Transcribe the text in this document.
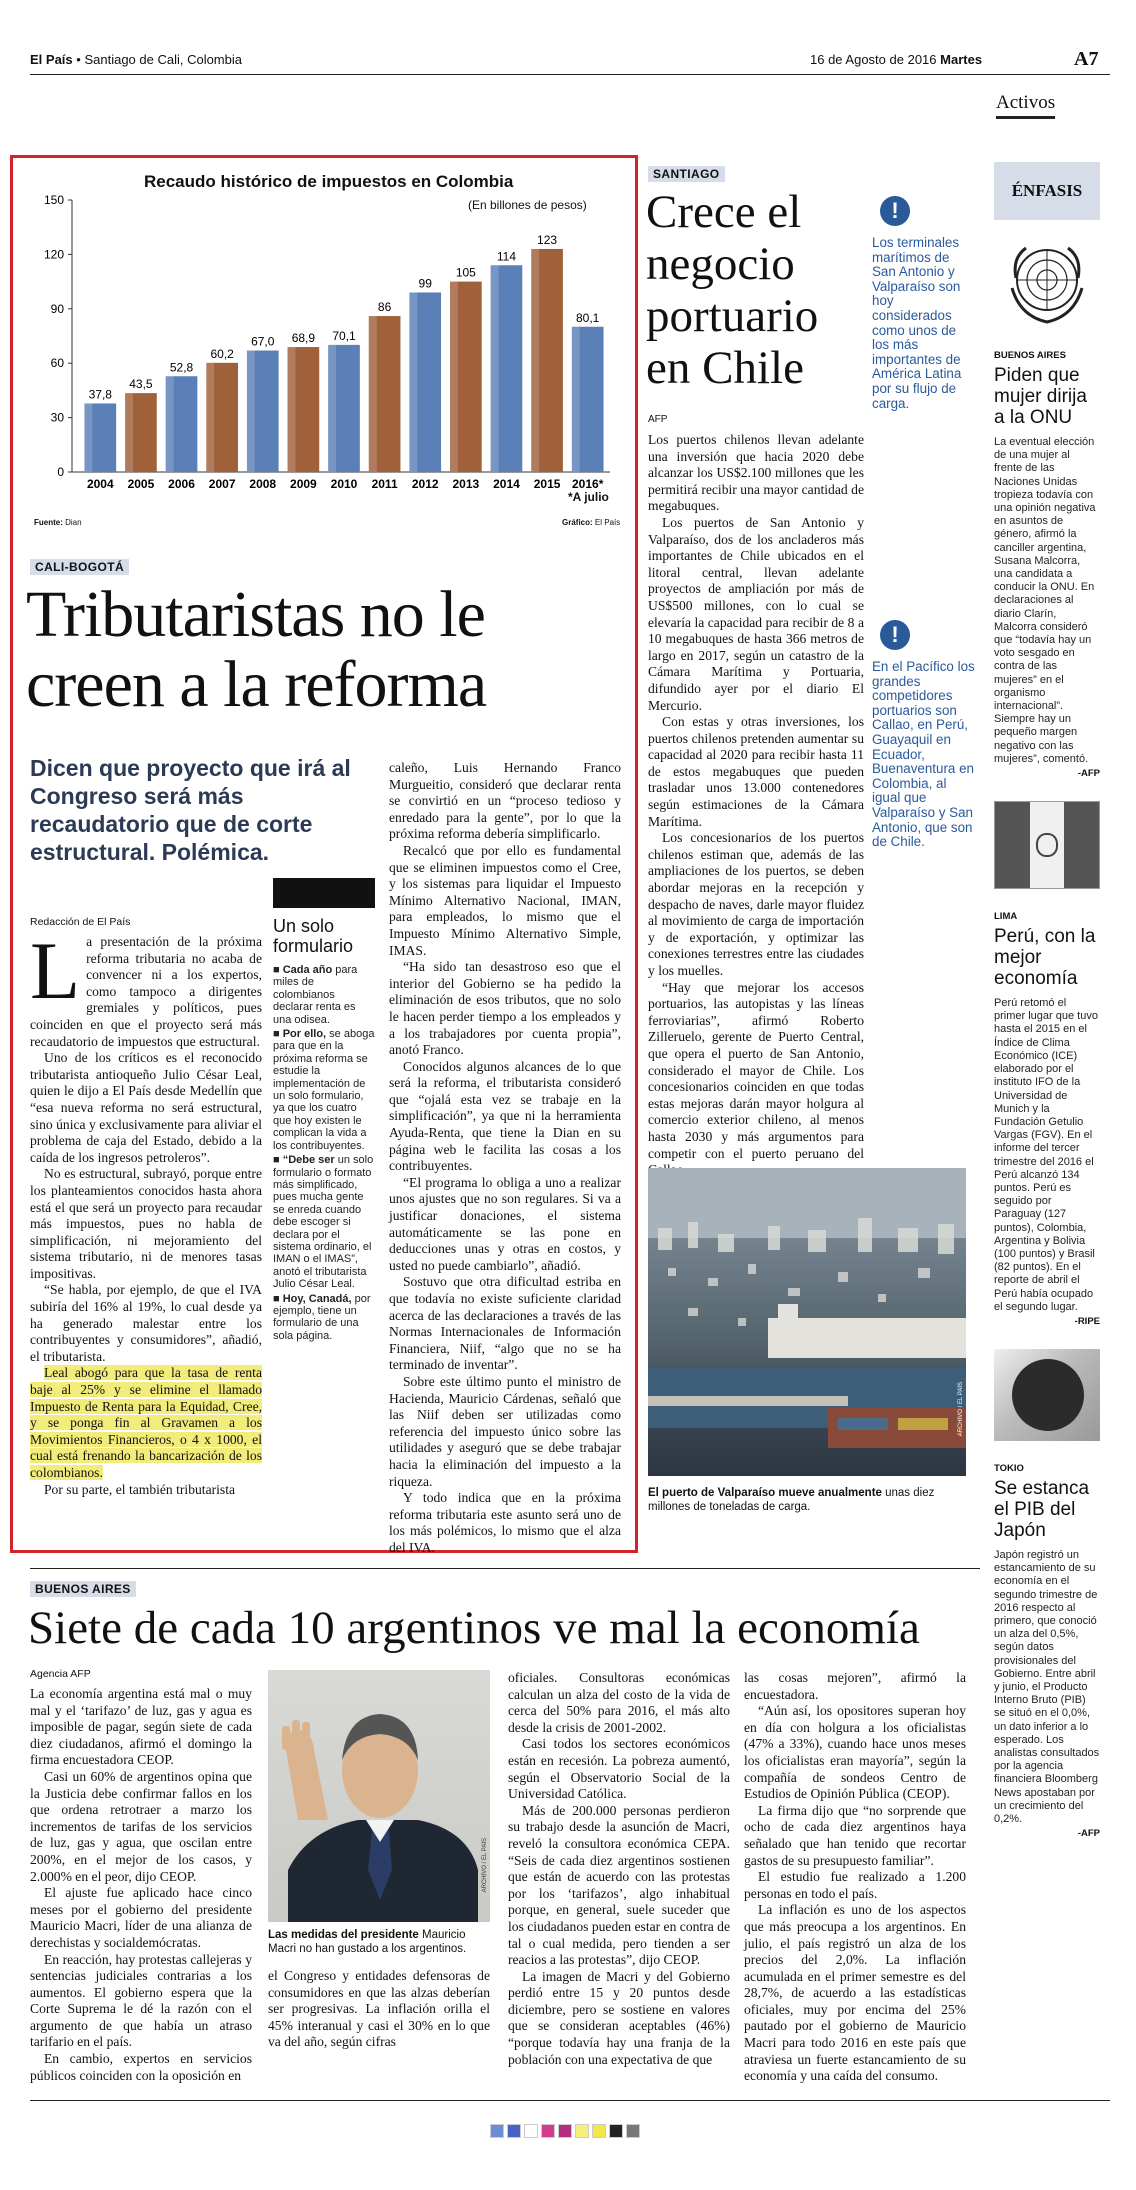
El País • Santiago de Cali, Colombia	16 de Agosto de 2016 Martes	A7
Activos
Recaudo histórico de impuestos en Colombia
(En billones de pesos)
0
30
60
90
120
150
37,8
2004
43,5
2005
52,8
2006
60,2
2007
67,0
2008
68,9
2009
70,1
2010
86
2011
99
2012
105
2013
114
2014
123
2015
80,1
2016*
*A julio
Fuente: Dian	Gráfico: El País
CALI-BOGOTÁ
Tributaristas no le
creen a la reforma
Dicen que proyecto que irá al Congreso será más recaudatorio que de corte estructural. Polémica.
Redacción de El País
L a presentación de la próxima reforma tributaria no acaba de convencer ni a los expertos, como tampoco a dirigentes gremiales y políticos, pues coinciden en que el proyecto será más recaudatorio de impuestos que estructural.

Uno de los críticos es el reconocido tributarista antioqueño Julio César Leal, quien le dijo a El País desde Medellín que “esa nueva reforma no será estructural, sino única y exclusivamente para aliviar el problema de caja del Estado, debido a la caída de los ingresos petroleros”.

No es estructural, subrayó, porque entre los planteamientos conocidos hasta ahora está el que será un proyecto para recaudar más impuestos, pues no habla de simplificación, ni mejoramiento del sistema tributario, ni de menores tasas impositivas.

“Se habla, por ejemplo, de que el IVA subiría del 16% al 19%, lo cual desde ya ha generado malestar entre los contribuyentes y consumidores”, añadió, el tributarista.

Leal abogó para que la tasa de renta baje al 25% y se elimine el llamado Impuesto de Renta para la Equidad, Cree, y se ponga fin al Gravamen a los Movimientos Financieros, o 4 x 1000, el cual está frenando la bancarización de los colombianos.

Por su parte, el también tributarista

Un solo formulario

■ Cada año para miles de colombianos declarar renta es una odisea.

■ Por ello, se aboga para que en la próxima reforma se estudie la implementación de un solo formulario, ya que los cuatro que hoy existen le complican la vida a los contribuyentes.

■ “Debe ser un solo formulario o formato más simplificado, pues mucha gente se enreda cuando debe escoger si declara por el sistema ordinario, el IMAN o el IMAS”, anotó el tributarista Julio César Leal.

■ Hoy, Canadá, por ejemplo, tiene un formulario de una sola página.

caleño, Luis Hernando Franco Murgueitio, consideró que declarar renta se convirtió en un “proceso tedioso y enredado para la gente”, por lo que la próxima reforma debería simplificarlo.

Recalcó que por ello es fundamental que se eliminen impuestos como el Cree, y los sistemas para liquidar el Impuesto Mínimo Alternativo Nacional, IMAN, para empleados, lo mismo que el Impuesto Mínimo Alternativo Simple, IMAS.

“Ha sido tan desastroso eso que el interior del Gobierno se ha pedido la eliminación de esos tributos, que no solo le hacen perder tiempo a los empleados y a los trabajadores por cuenta propia”, anotó Franco.

Conocidos algunos alcances de lo que será la reforma, el tributarista consideró que “ojalá esta vez se trabaje en la simplificación”, ya que ni la herramienta Ayuda-Renta, que tiene la Dian en su página web le facilita las cosas a los contribuyentes.

“El programa lo obliga a uno a realizar unos ajustes que no son regulares. Si va a justificar donaciones, el sistema automáticamente se las pone en deducciones unas y otras en costos, y usted no puede cambiarlo”, añadió.

Sostuvo que otra dificultad estriba en que todavía no existe suficiente claridad acerca de las declaraciones a través de las Normas Internacionales de Información Financiera, Niif, “algo que no se ha terminado de inventar”.

Sobre este último punto el ministro de Hacienda, Mauricio Cárdenas, señaló que las Niif deben ser utilizadas como referencia del impuesto único sobre las utilidades y aseguró que se debe trabajar hacia la eliminación del impuesto a la riqueza.

Y todo indica que en la próxima reforma tributaria este asunto será uno de los más polémicos, lo mismo que el alza del IVA.

SANTIAGO
Crece el
negocio
portuario
en Chile
AFP

Los puertos chilenos llevan adelante una inversión que hacia 2020 debe alcanzar los US$2.100 millones que les permitirá recibir una mayor cantidad de megabuques.

Los puertos de San Antonio y Valparaíso, dos de los ancladeros más importantes de Chile ubicados en el litoral central, llevan adelante proyectos de ampliación por más de US$500 millones, con lo cual se elevaría la capacidad para recibir de 8 a 10 megabuques de hasta 366 metros de largo en 2017, según un catastro de la Cámara Marítima y Portuaria, difundido ayer por el diario El Mercurio.

Con estas y otras inversiones, los puertos chilenos pretenden aumentar su capacidad al 2020 para recibir hasta 11 de estos megabuques que pueden trasladar unos 13.000 contenedores según estimaciones de la Cámara Marítima.

Los concesionarios de los puertos chilenos estiman que, además de las ampliaciones de los puertos, se deben abordar mejoras en la recepción y despacho de naves, darle mayor fluidez al movimiento de carga de importación y de exportación, y optimizar las conexiones terrestres entre las ciudades y los muelles.

“Hay que mejorar los accesos portuarios, las autopistas y las líneas ferroviarias”, afirmó Roberto Zilleruelo, gerente de Puerto Central, que opera el puerto de San Antonio, considerado el mayor de Chile. Los concesionarios coinciden en que todas estas mejoras darán mayor holgura al comercio exterior chileno, al menos hasta 2030 y más argumentos para competir con el puerto peruano del

!
Los terminales marítimos de San Antonio y Valparaíso son hoy considerados como unos de los más importantes de América Latina por su flujo de carga.
!
En el Pacífico los grandes competidores portuarios son Callao, en Perú, Guayaquil en Ecuador, Buenaventura en Colombia, al igual que Valparaíso y San Antonio, que son de Chile.
ARCHIVO / EL PAÍS
El puerto de Valparaíso mueve anualmente unas diez millones de toneladas de carga.
ÉNFASIS
BUENOS AIRES
Piden que mujer dirija a la ONU
La eventual elección de una mujer al frente de las Naciones Unidas tropieza todavía con una opinión negativa en asuntos de género, afirmó la canciller argentina, Susana Malcorra, una candidata a conducir la ONU. En declaraciones al diario Clarín, Malcorra consideró que “todavía hay un voto sesgado en contra de las mujeres” en el organismo internacional”. Siempre hay un pequeño margen negativo con las mujeres”, comentó.
-AFP
LIMA
Perú, con la mejor economía
Perú retomó el primer lugar que tuvo hasta el 2015 en el Índice de Clima Económico (ICE) elaborado por el instituto IFO de la Universidad de Munich y la Fundación Getulio Vargas (FGV). En el informe del tercer trimestre del 2016 el Perú alcanzó 134 puntos. Perú es seguido por Paraguay (127 puntos), Colombia, Argentina y Bolivia (100 puntos) y Brasil (82 puntos). En el reporte de abril el Perú había ocupado el segundo lugar.
-RIPE
TOKIO
Se estanca el PIB del Japón
Japón registró un estancamiento de su economía en el segundo trimestre de 2016 respecto al primero, que conoció un alza del 0,5%, según datos provisionales del Gobierno. Entre abril y junio, el Producto Interno Bruto (PIB) se situó en el 0,0%, un dato inferior a lo esperado. Los analistas consultados por la agencia financiera Bloomberg News apostaban por un crecimiento del 0,2%.
-AFP
BUENOS AIRES
Siete de cada 10 argentinos ve mal la economía
Agencia AFP

La economía argentina está mal o muy mal y el ‘tarifazo’ de luz, gas y agua es imposible de pagar, según siete de cada diez ciudadanos, afirmó el domingo la firma encuestadora CEOP.

Casi un 60% de argentinos opina que la Justicia debe confirmar fallos en los que ordena retrotraer a marzo los incrementos de tarifas de los servicios de luz, gas y agua, que oscilan entre 200%, en el mejor de los casos, y 2.000% en el peor, dijo CEOP.

El ajuste fue aplicado hace cinco meses por el gobierno del presidente Mauricio Macri, líder de una alianza de derechistas y socialdemócratas.

En reacción, hay protestas callejeras y sentencias judiciales contrarias a los aumentos. El gobierno espera que la Corte Suprema le dé la razón con el argumento de que había un atraso tarifario en el país.

En cambio, expertos en servicios públicos coinciden con la oposición en

ARCHIVO / EL PAÍS
Las medidas del presidente Mauricio Macri no han gustado a los argentinos.
el Congreso y entidades defensoras de consumidores en que las alzas deberían ser progresivas. La inflación orilla el 45% interanual y casi el 30% en lo que va del año, según cifras

oficiales. Consultoras económicas calculan un alza del costo de la vida de cerca del 50% para 2016, el más alto desde la crisis de 2001-2002.

Casi todos los sectores económicos están en recesión. La pobreza aumentó, según el Observatorio Social de la Universidad Católica.

Más de 200.000 personas perdieron su trabajo desde la asunción de Macri, reveló la consultora económica CEPA. “Seis de cada diez argentinos sostienen que están de acuerdo con las protestas por los ‘tarifazos’, algo inhabitual porque, en general, suele suceder que los ciudadanos pueden estar en contra de tal o cual medida, pero tienden a ser reacios a las protestas”, dijo CEOP.

La imagen de Macri y del Gobierno perdió entre 15 y 20 puntos desde diciembre, pero se sostiene en valores que se consideran aceptables (46%) “porque todavía hay una franja de la población con una expectativa de que

las cosas mejoren”, afirmó la encuestadora.

“Aún así, los opositores superan hoy en día con holgura a los oficialistas (47% a 33%), cuando hace unos meses los oficialistas eran mayoría”, según la compañía de sondeos Centro de Estudios de Opinión Pública (CEOP).

La firma dijo que “no sorprende que ocho de cada diez argentinos haya señalado que han tenido que recortar gastos de su presupuesto familiar”.

El estudio fue realizado a 1.200 personas en todo el país.

La inflación es uno de los aspectos que más preocupa a los argentinos. En julio, el país registró un alza de los precios del 2,0%. La inflación acumulada en el primer semestre es del 28,7%, de acuerdo a las estadísticas oficiales, muy por encima del 25% pautado por el gobierno de Mauricio Macri para todo 2016 en este país que atraviesa un fuerte estancamiento de su economía y una caída del consumo.
